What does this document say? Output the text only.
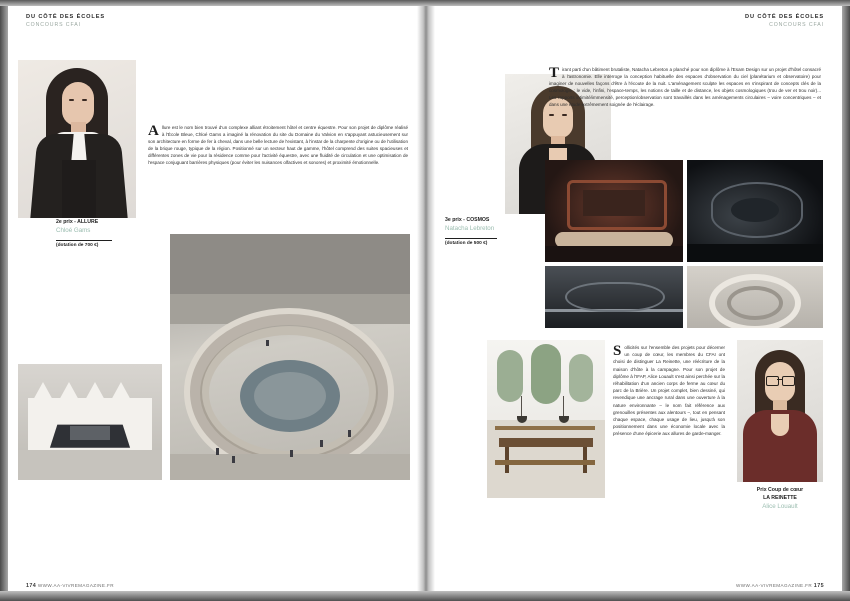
DU CÔTÉ DES ÉCOLES
CONCOURS CFAI
Allure est le nom bien trouvé d'un complexe alliant étroitement hôtel et centre équestre. Pour son projet de diplôme réalisé à l'École Bleue, Chloé Gams a imaginé la rénovation du site du Domaine du Valvion en s'appuyant astucieusement sur son architecture en forme de fer à cheval, dans une belle lecture de l'existant, à l'instar de la charpente d'origine ou de l'utilisation de la brique rouge, typique de la région. Positionné sur un secteur haut de gamme, l'hôtel comprend des suites spacieuses et différentes zones de vie pour la résidence comme pour l'activité équestre, avec une fluidité de circulation et une optimisation de l'espace conjuguant barrières physiques (pour éviter les nuisances olfactives et sonores) et proximité émotionnelle.
2e prix - ALLURE
Chloé Gams
(dotation de 700 €)
174 WWW.AA-VIVREMAGAZINE.FR
DU CÔTÉ DES ÉCOLES
CONCOURS CFAI
Tirant parti d'un bâtiment brutaliste, Natacha Lebreton a planché pour son diplôme à l'Esam Design sur un projet d'hôtel consacré à l'astronomie. Elle interroge la conception habituelle des espaces d'observation du ciel (planétarium et observatoire) pour imaginer de nouvelles façons d'être à l'écoute de la nuit. L'aménagement sculpte les espaces en s'inspirant de concepts clés de la cosmologie : le vide, l'infini, l'espace-temps, les notions de taille et de distance, les objets cosmologiques (trou de ver et trou noir)... Les rapports intimité/immensité, perception/observation sont travaillés dans les aménagements circulaires – voire concentriques – et dans une étude extrêmement soignée de l'éclairage.
3e prix - COSMOS
Natacha Lebreton
(dotation de 500 €)
Sollicités sur l'ensemble des projets pour décerner un coup de cœur, les membres du CFAI ont choisi de distinguer La Reinette, une réécriture de la maison d'hôte à la campagne. Pour son projet de diplôme à l'IFAP, Alice Louault s'est ainsi perchée sur la réhabilitation d'un ancien corps de ferme au cœur du parc de la Brière. Un projet complet, bien dessiné, qui revendique une ancrage rural dans une ouverture à la nature environnante – le nom fait référence aux grenouilles présentes aux alentours –, tout en pensant chaque espace, chaque usage de lieu, jusqu'à son positionnement dans une économie locale avec la présence d'une épicerie aux allures de garde-manger.
Prix Coup de cœur
LA REINETTE
Alice Louault
WWW.AA-VIVREMAGAZINE.FR 175
